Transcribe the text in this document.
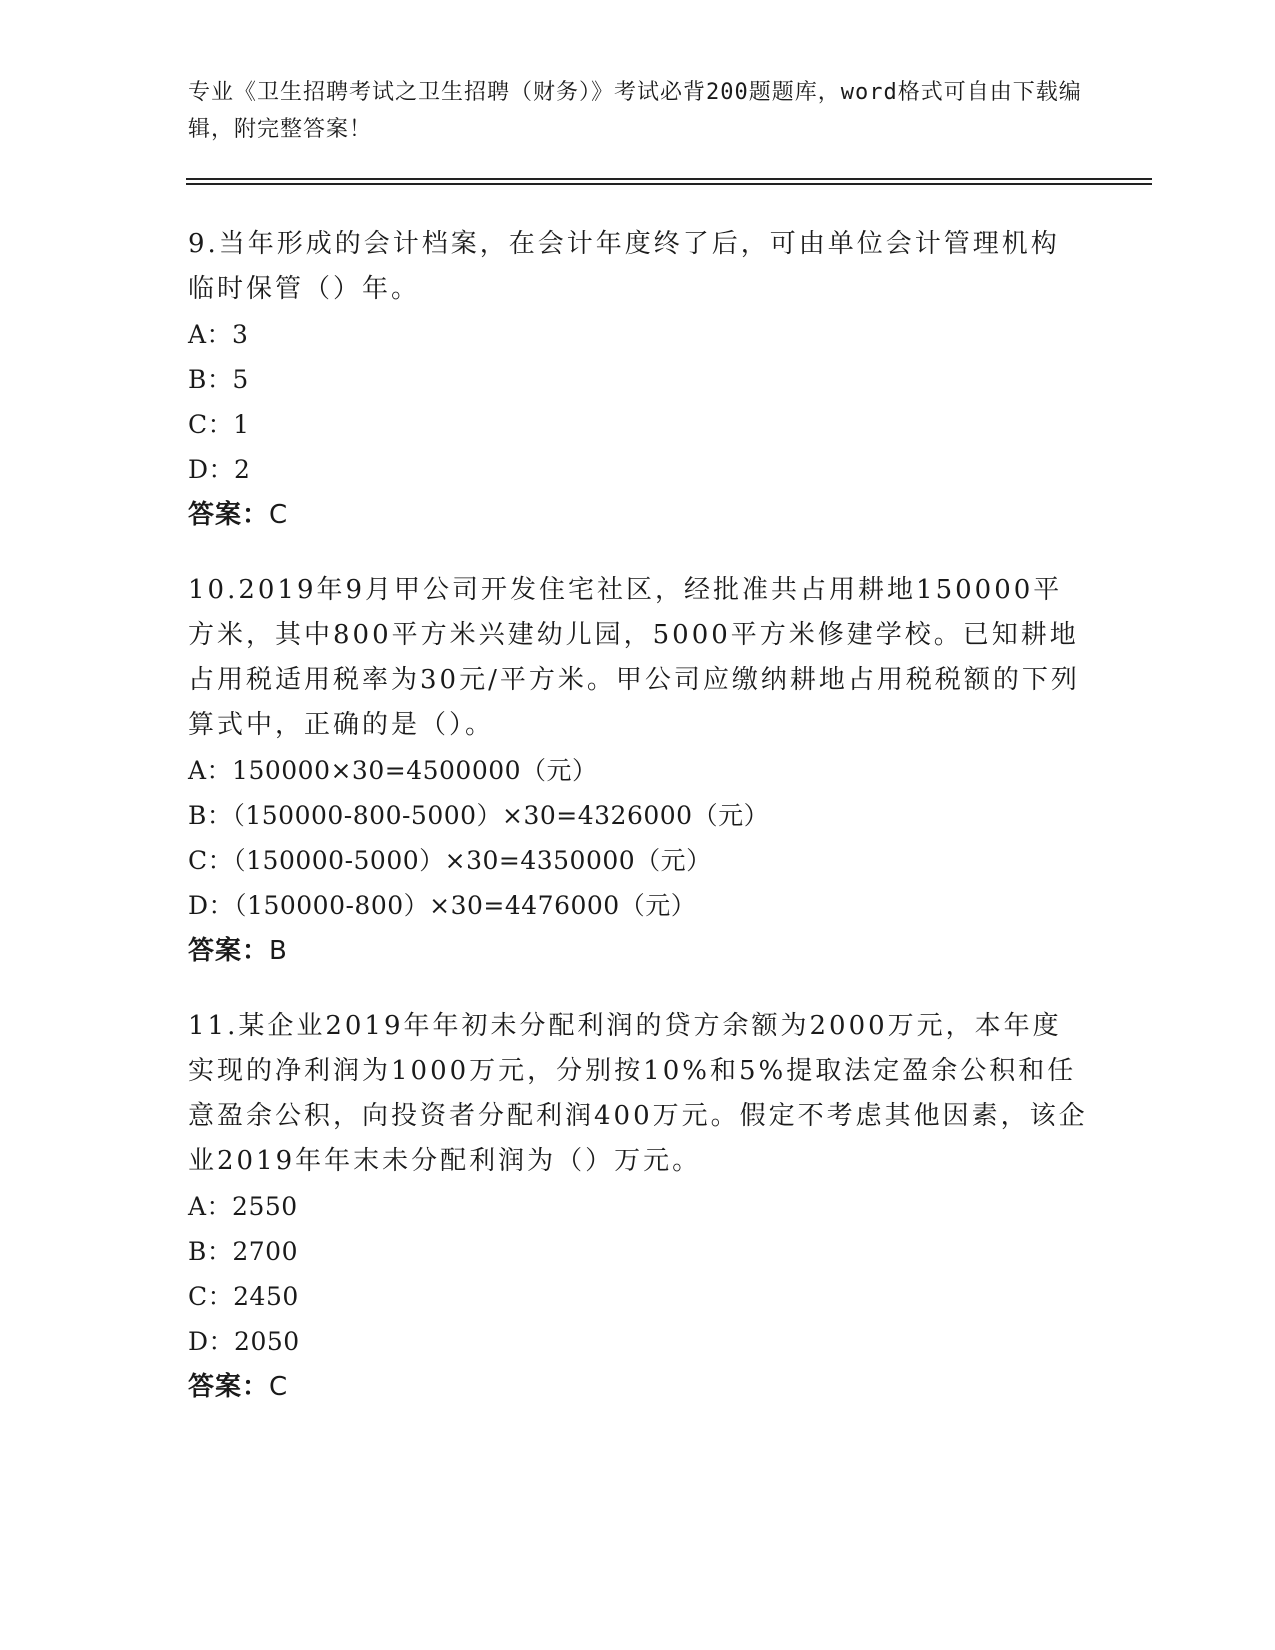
专业《卫生招聘考试之卫生招聘（财务）》考试必背200题题库，word格式可自由下载编辑，附完整答案！

9.当年形成的会计档案，在会计年度终了后，可由单位会计管理机构临时保管（）年。

A：3

B：5

C：1

D：2

答案：C

10.2019年9月甲公司开发住宅社区，经批准共占用耕地150000平方米，其中800平方米兴建幼儿园，5000平方米修建学校。已知耕地占用税适用税率为30元/平方米。甲公司应缴纳耕地占用税税额的下列算式中，正确的是（）。

A：150000×30=4500000（元）

B：（150000-800-5000）×30=4326000（元）

C：（150000-5000）×30=4350000（元）

D：（150000-800）×30=4476000（元）

答案：B

11.某企业2019年年初未分配利润的贷方余额为2000万元，本年度实现的净利润为1000万元，分别按10%和5%提取法定盈余公积和任意盈余公积，向投资者分配利润400万元。假定不考虑其他因素，该企业2019年年末未分配利润为（）万元。

A：2550

B：2700

C：2450

D：2050

答案：C
